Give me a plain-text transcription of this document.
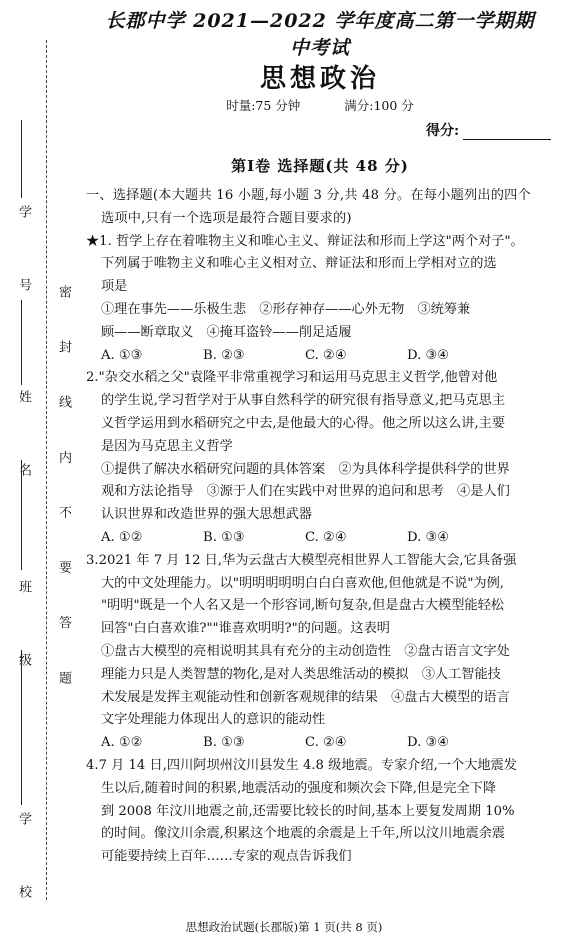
学 号
姓 名
班 级
学 校
密 封 线 内 不 要 答 题
长郡中学 2021—2022 学年度高二第一学期期中考试
思想政治
时量:75 分钟	满分:100 分
得分:
第Ⅰ卷 选择题(共 48 分)

一、选择题(本大题共 16 小题,每小题 3 分,共 48 分。在每小题列出的四个

选项中,只有一个选项是最符合题目要求的)

★1. 哲学上存在着唯物主义和唯心主义、辩证法和形而上学这"两个对子"。

下列属于唯物主义和唯心主义相对立、辩证法和形而上学相对立的选

项是

①理在事先——乐极生悲　②形存神存——心外无物　③统筹兼

顾——断章取义　④掩耳盗铃——削足适履

A. ①③	B. ②③	C. ②④	D. ③④

2."杂交水稻之父"袁隆平非常重视学习和运用马克思主义哲学,他曾对他

的学生说,学习哲学对于从事自然科学的研究很有指导意义,把马克思主

义哲学运用到水稻研究之中去,是他最大的心得。他之所以这么讲,主要

是因为马克思主义哲学

①提供了解决水稻研究问题的具体答案　②为具体科学提供科学的世界

观和方法论指导　③源于人们在实践中对世界的追问和思考　④是人们

认识世界和改造世界的强大思想武器

A. ①②	B. ①③	C. ②④	D. ③④

3.2021 年 7 月 12 日,华为云盘古大模型亮相世界人工智能大会,它具备强

大的中文处理能力。以"明明明明明白白白喜欢他,但他就是不说"为例,

"明明"既是一个人名又是一个形容词,断句复杂,但是盘古大模型能轻松

回答"白白喜欢谁?""谁喜欢明明?"的问题。这表明

①盘古大模型的亮相说明其具有充分的主动创造性　②盘古语言文字处

理能力只是人类智慧的物化,是对人类思维活动的模拟　③人工智能技

术发展是发挥主观能动性和创新客观规律的结果　④盘古大模型的语言

文字处理能力体现出人的意识的能动性

A. ①②	B. ①③	C. ②④	D. ③④

4.7 月 14 日,四川阿坝州汶川县发生 4.8 级地震。专家介绍,一个大地震发

生以后,随着时间的积累,地震活动的强度和频次会下降,但是完全下降

到 2008 年汶川地震之前,还需要比较长的时间,基本上要复发周期 10%

的时间。像汶川余震,积累这个地震的余震是上千年,所以汶川地震余震

可能要持续上百年……专家的观点告诉我们

思想政治试题(长郡版)第 1 页(共 8 页)
